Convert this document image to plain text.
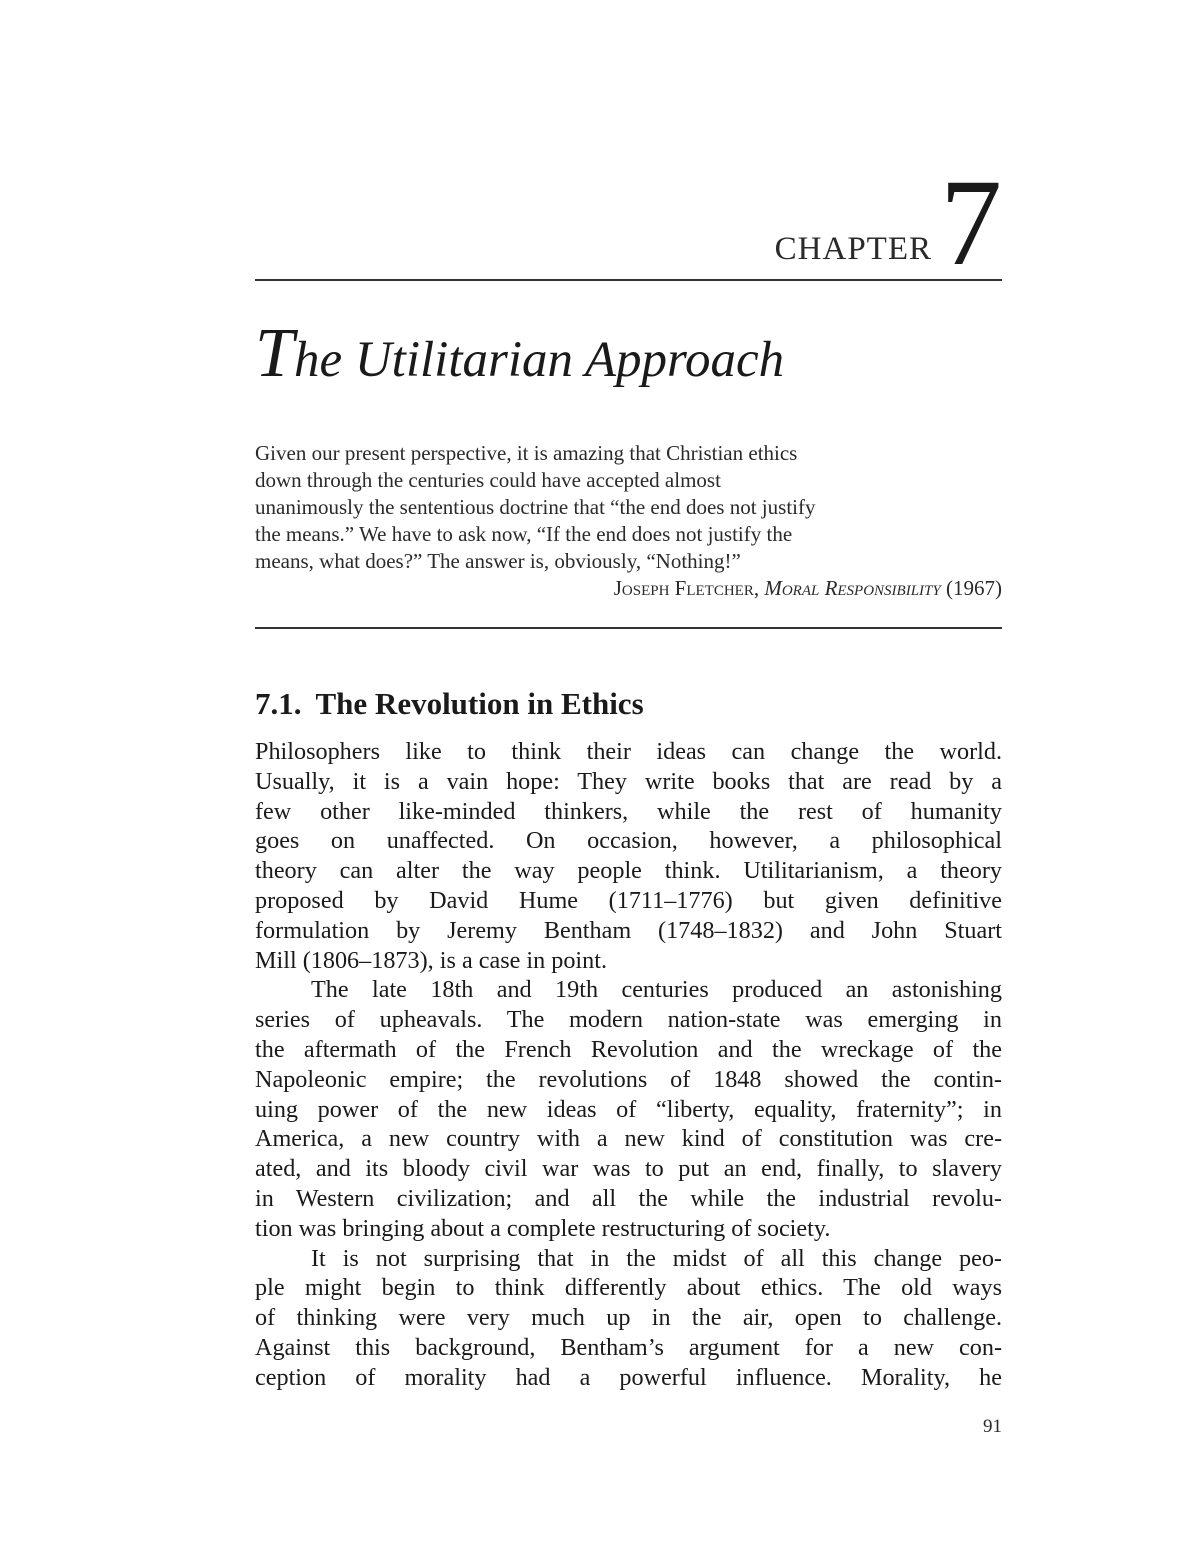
CHAPTER 7
The Utilitarian Approach
Given our present perspective, it is amazing that Christian ethics
down through the centuries could have accepted almost
unanimously the sententious doctrine that “the end does not justify
the means.” We have to ask now, “If the end does not justify the
means, what does?” The answer is, obviously, “Nothing!”
Joseph Fletcher, Moral Responsibility (1967)
7.1. The Revolution in Ethics

Philosophers like to think their ideas can change the world.
Usually, it is a vain hope: They write books that are read by a
few other like-minded thinkers, while the rest of humanity
goes on unaffected. On occasion, however, a philosophical
theory can alter the way people think. Utilitarianism, a theory
proposed by David Hume (1711–1776) but given definitive
formulation by Jeremy Bentham (1748–1832) and John Stuart
Mill (1806–1873), is a case in point.

The late 18th and 19th centuries produced an astonishing
series of upheavals. The modern nation-state was emerging in
the aftermath of the French Revolution and the wreckage of the
Napoleonic empire; the revolutions of 1848 showed the contin-
uing power of the new ideas of “liberty, equality, fraternity”; in
America, a new country with a new kind of constitution was cre-
ated, and its bloody civil war was to put an end, finally, to slavery
in Western civilization; and all the while the industrial revolu-
tion was bringing about a complete restructuring of society.

It is not surprising that in the midst of all this change peo-
ple might begin to think differently about ethics. The old ways
of thinking were very much up in the air, open to challenge.
Against this background, Bentham’s argument for a new con-
ception of morality had a powerful influence. Morality, he

91
